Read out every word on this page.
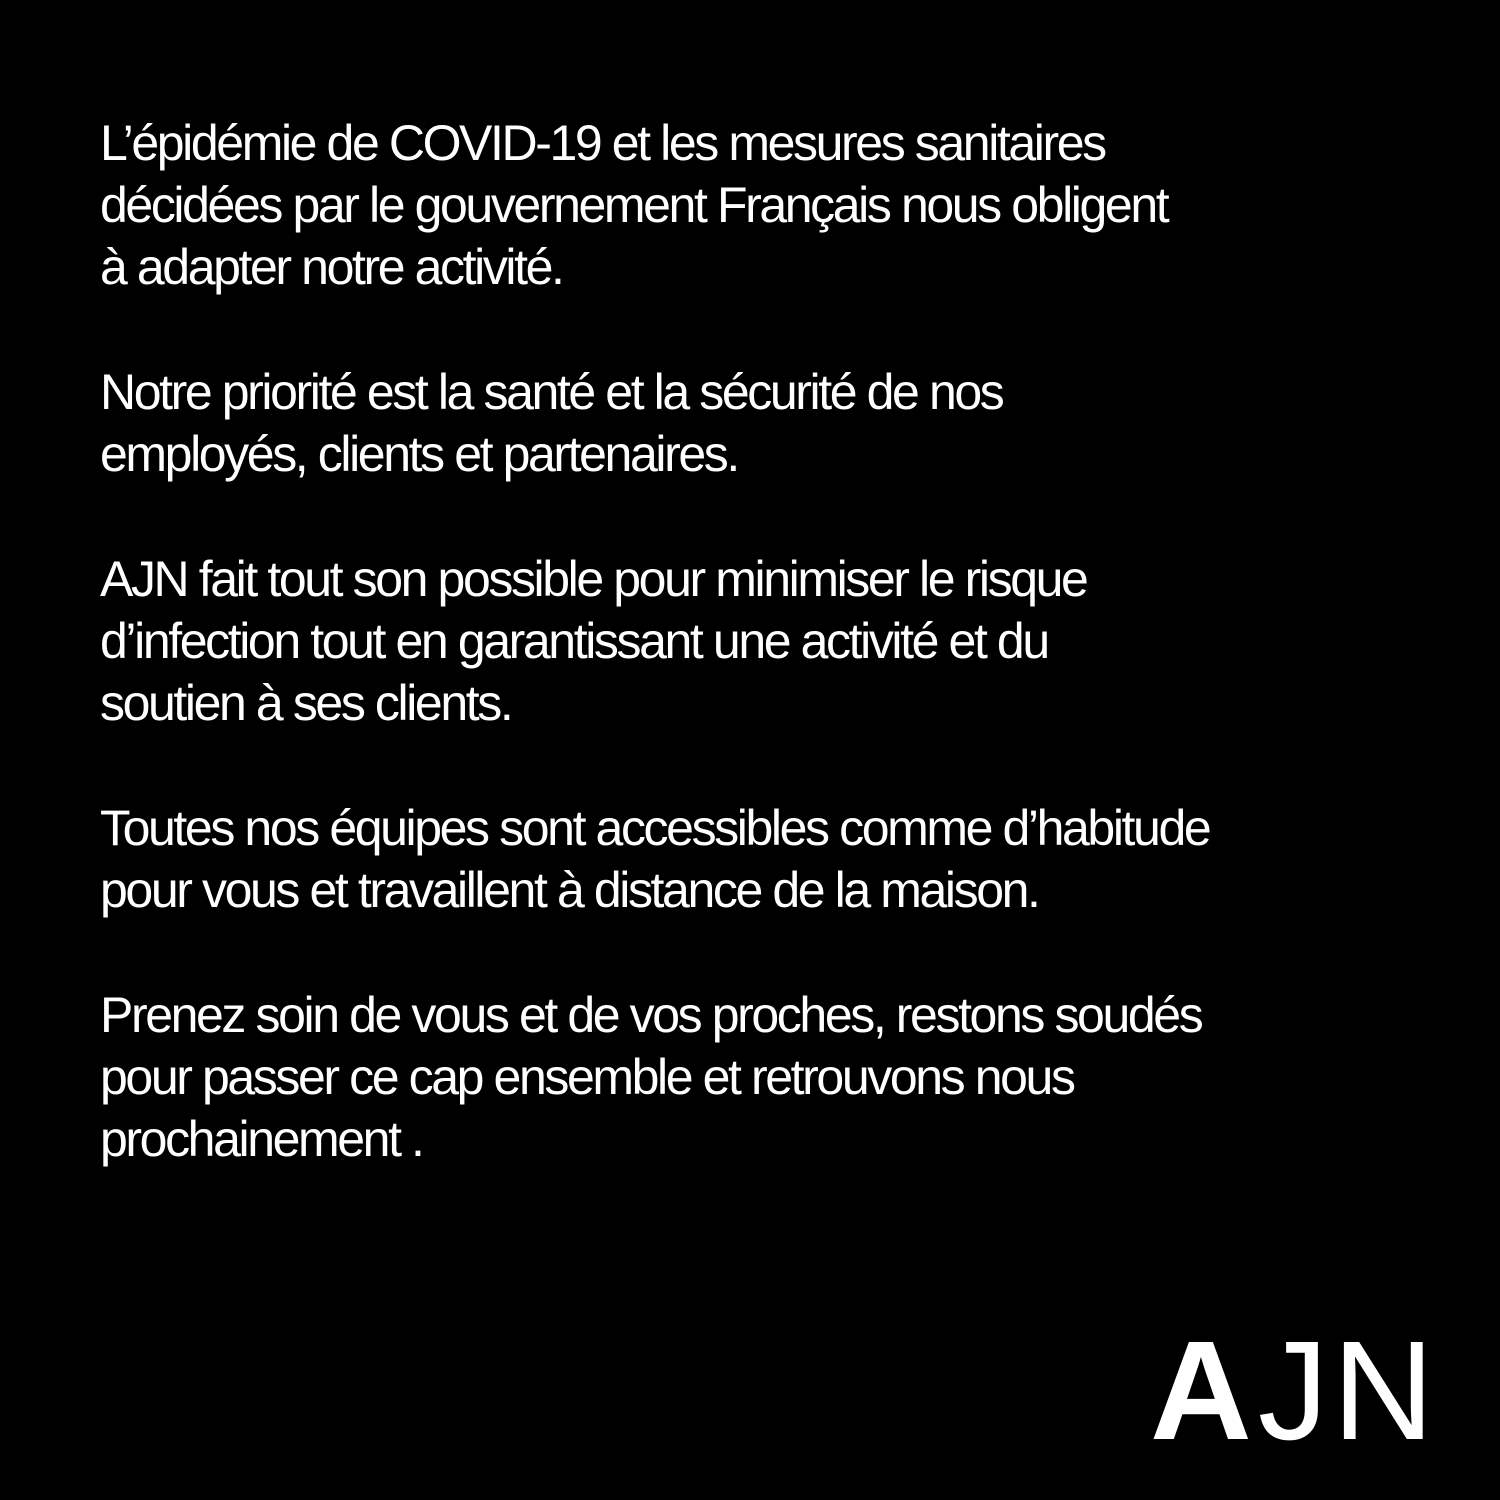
L’épidémie de COVID-19 et les mesures sanitaires
décidées par le gouvernement Français nous obligent
à adapter notre activité.

Notre priorité est la santé et la sécurité de nos
employés, clients et partenaires.

AJN fait tout son possible pour minimiser le risque
d’infection tout en garantissant une activité et du
soutien à ses clients.

Toutes nos équipes sont accessibles comme d’habitude
pour vous et travaillent à distance de la maison.

Prenez soin de vous et de vos proches, restons soudés
pour passer ce cap ensemble et retrouvons nous
prochainement .

A JN
